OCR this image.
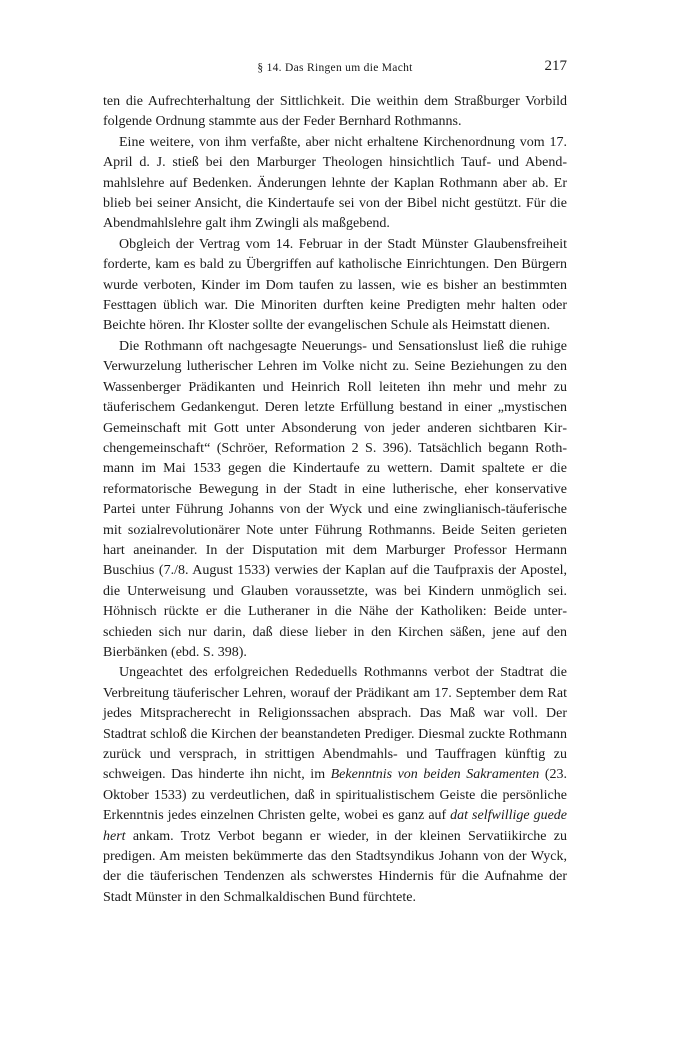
§ 14. Das Ringen um die Macht	217

ten die Aufrechterhaltung der Sittlichkeit. Die weithin dem Straßburger Vorbild folgende Ordnung stammte aus der Feder Bernhard Rothmanns.

Eine weitere, von ihm verfaßte, aber nicht erhaltene Kirchenordnung vom 17. April d. J. stieß bei den Marburger Theologen hinsichtlich Tauf- und Abendmahlslehre auf Bedenken. Änderungen lehnte der Kaplan Rothmann aber ab. Er blieb bei seiner Ansicht, die Kindertaufe sei von der Bibel nicht gestützt. Für die Abendmahlslehre galt ihm Zwingli als maßgebend.

Obgleich der Vertrag vom 14. Februar in der Stadt Münster Glaubensfreiheit forderte, kam es bald zu Übergriffen auf katholische Einrichtungen. Den Bürgern wurde verboten, Kinder im Dom taufen zu lassen, wie es bisher an bestimmten Festtagen üblich war. Die Minoriten durften keine Predigten mehr halten oder Beichte hören. Ihr Kloster sollte der evangelischen Schule als Heimstatt dienen.

Die Rothmann oft nachgesagte Neuerungs- und Sensationslust ließ die ruhige Verwurzelung lutherischer Lehren im Volke nicht zu. Seine Beziehungen zu den Wassenberger Prädikanten und Heinrich Roll leiteten ihn mehr und mehr zu täuferischem Gedankengut. Deren letzte Erfüllung bestand in einer „mystischen Gemeinschaft mit Gott unter Absonderung von jeder anderen sichtbaren Kirchengemeinschaft“ (Schröer, Reformation 2 S. 396). Tatsächlich begann Rothmann im Mai 1533 gegen die Kindertaufe zu wettern. Damit spaltete er die reformatorische Bewegung in der Stadt in eine lutherische, eher konservative Partei unter Führung Johanns von der Wyck und eine zwinglianisch-täuferische mit sozialrevolutionärer Note unter Führung Rothmanns. Beide Seiten gerieten hart aneinander. In der Disputation mit dem Marburger Professor Hermann Buschius (7./8. August 1533) verwies der Kaplan auf die Taufpraxis der Apostel, die Unterweisung und Glauben voraussetzte, was bei Kindern unmöglich sei. Höhnisch rückte er die Lutheraner in die Nähe der Katholiken: Beide unterschieden sich nur darin, daß diese lieber in den Kirchen säßen, jene auf den Bierbänken (ebd. S. 398).

Ungeachtet des erfolgreichen Rededuells Rothmanns verbot der Stadtrat die Verbreitung täuferischer Lehren, worauf der Prädikant am 17. September dem Rat jedes Mitspracherecht in Religionssachen absprach. Das Maß war voll. Der Stadtrat schloß die Kirchen der beanstandeten Prediger. Diesmal zuckte Rothmann zurück und versprach, in strittigen Abendmahls- und Tauffragen künftig zu schweigen. Das hinderte ihn nicht, im Bekenntnis von beiden Sakramenten (23. Oktober 1533) zu verdeutlichen, daß in spiritualistischem Geiste die persönliche Erkenntnis jedes einzelnen Christen gelte, wobei es ganz auf dat selfwillige guede hert ankam. Trotz Verbot begann er wieder, in der kleinen Servatiikirche zu predigen. Am meisten bekümmerte das den Stadtsyndikus Johann von der Wyck, der die täuferischen Tendenzen als schwerstes Hindernis für die Aufnahme der Stadt Münster in den Schmalkaldischen Bund fürchtete.
